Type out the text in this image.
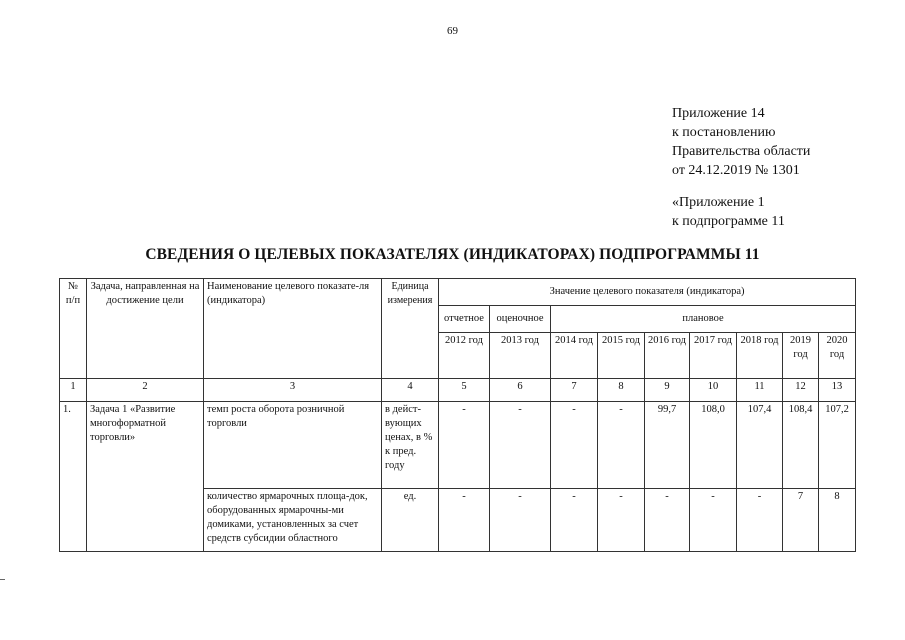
69
Приложение 14
к постановлению
Правительства области
от 24.12.2019 № 1301
«Приложение 1
к подпрограмме 11
СВЕДЕНИЯ О ЦЕЛЕВЫХ ПОКАЗАТЕЛЯХ (ИНДИКАТОРАХ) ПОДПРОГРАММЫ 11
№ п/п	Задача, направленная на достижение цели	Наименование целевого показате-ля (индикатора)	Единица измерения	Значение целевого показателя (индикатора)								
				отчетное	оценочное	плановое						
				2012 год	2013 год	2014 год	2015 год	2016 год	2017 год	2018 год	2019 год	2020 год
1	2	3	4	5	6	7	8	9	10	11	12	13
1.	Задача 1 «Развитие многоформатной торговли»	темп роста оборота розничной торговли	в дейст-вующих ценах, в % к пред. году	-	-	-	-	99,7	108,0	107,4	108,4	107,2
		количество ярмарочных площа-док, оборудованных ярмарочны-ми домиками, установленных за счет средств субсидии областного	ед.	-	-	-	-	-	-	-	7	8
